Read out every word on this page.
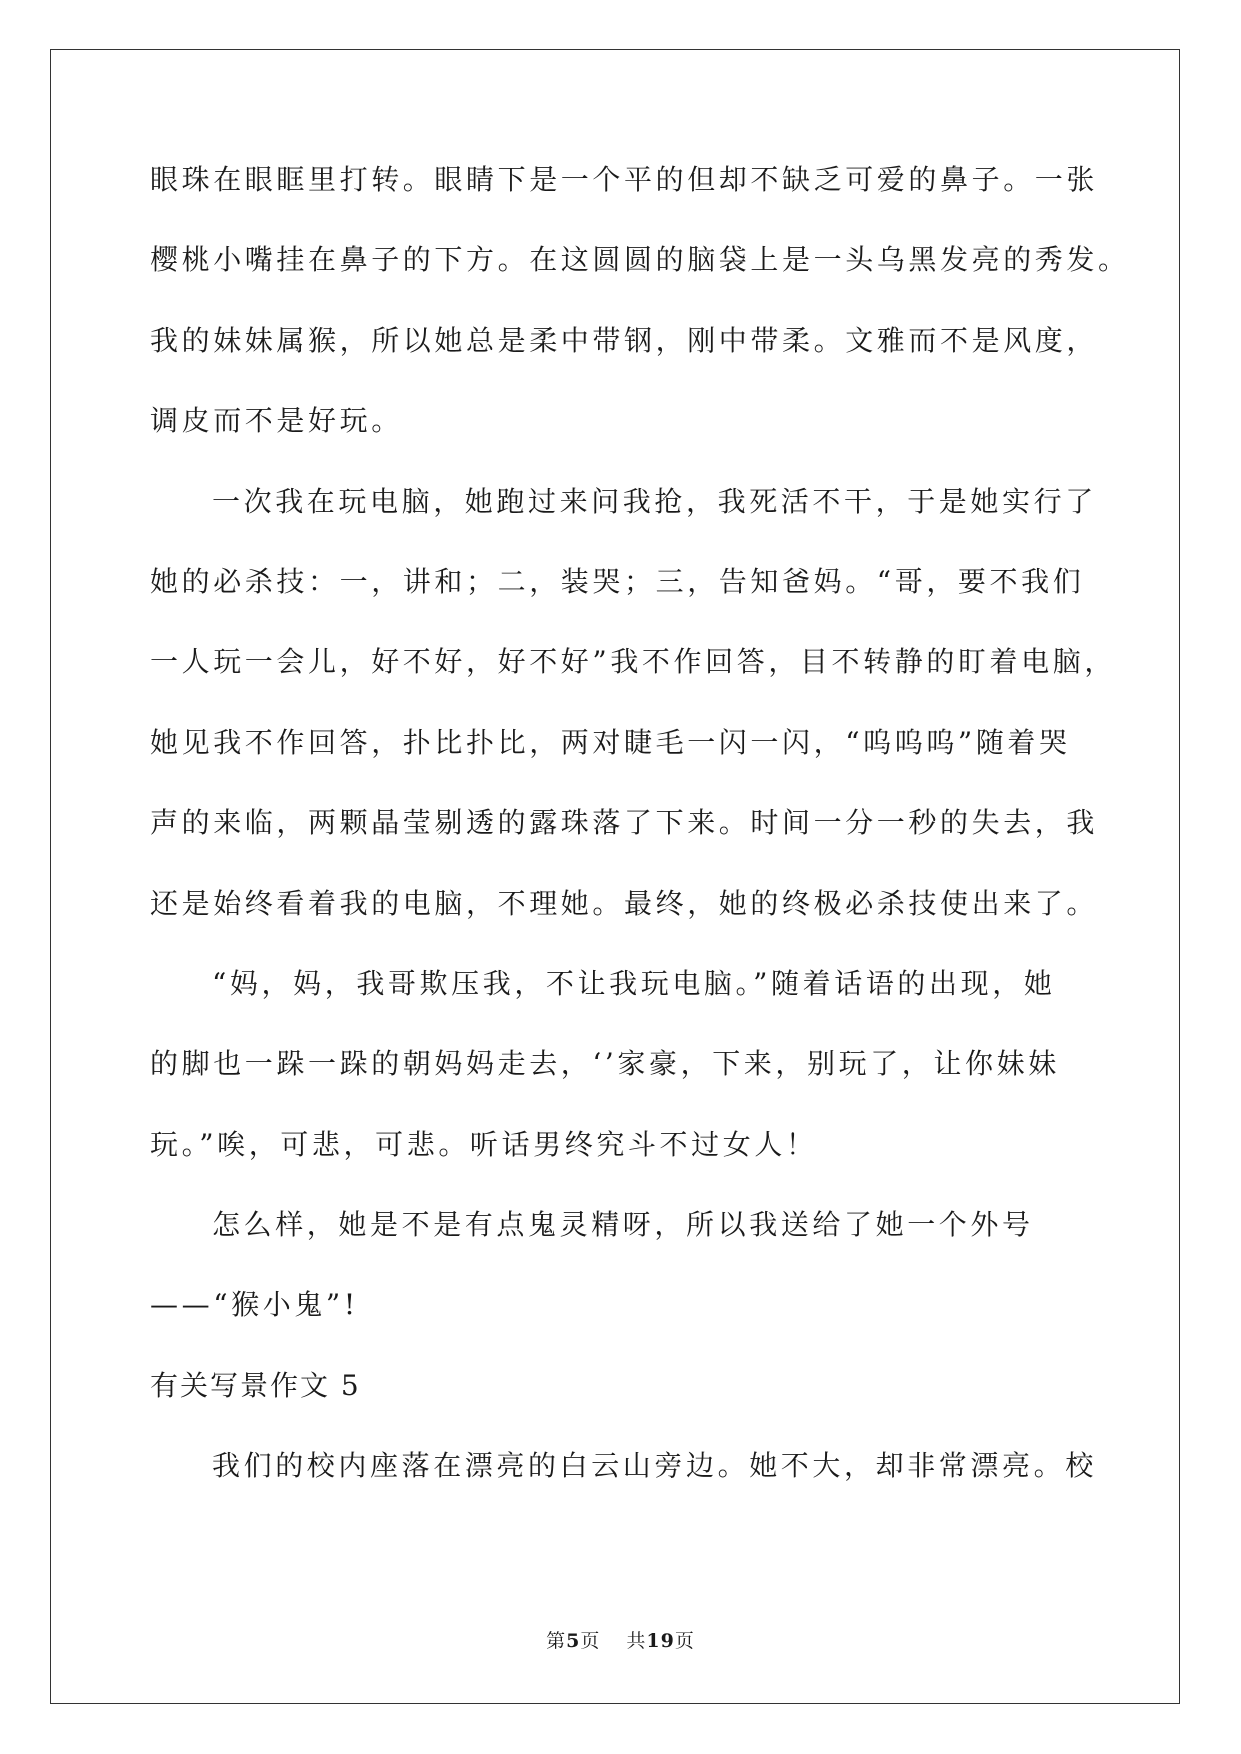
眼珠在眼眶里打转。眼睛下是一个平的但却不缺乏可爱的鼻子。一张
樱桃小嘴挂在鼻子的下方。在这圆圆的脑袋上是一头乌黑发亮的秀发。
我的妹妹属猴，所以她总是柔中带钢，刚中带柔。文雅而不是风度，
调皮而不是好玩。
一次我在玩电脑，她跑过来问我抢，我死活不干，于是她实行了
她的必杀技：一，讲和；二，装哭；三，告知爸妈。“哥，要不我们
一人玩一会儿，好不好，好不好”我不作回答，目不转静的盯着电脑，
她见我不作回答，扑比扑比，两对睫毛一闪一闪，“呜呜呜”随着哭
声的来临，两颗晶莹剔透的露珠落了下来。时间一分一秒的失去，我
还是始终看着我的电脑，不理她。最终，她的终极必杀技使出来了。
“妈，妈，我哥欺压我，不让我玩电脑。”随着话语的出现，她
的脚也一跺一跺的朝妈妈走去，‘’家豪，下来，别玩了，让你妹妹
玩。”唉，可悲，可悲。听话男终究斗不过女人！
怎么样，她是不是有点鬼灵精呀，所以我送给了她一个外号
——“猴小鬼”!
有关写景作文 5
我们的校内座落在漂亮的白云山旁边。她不大，却非常漂亮。校
第5页 共19页
